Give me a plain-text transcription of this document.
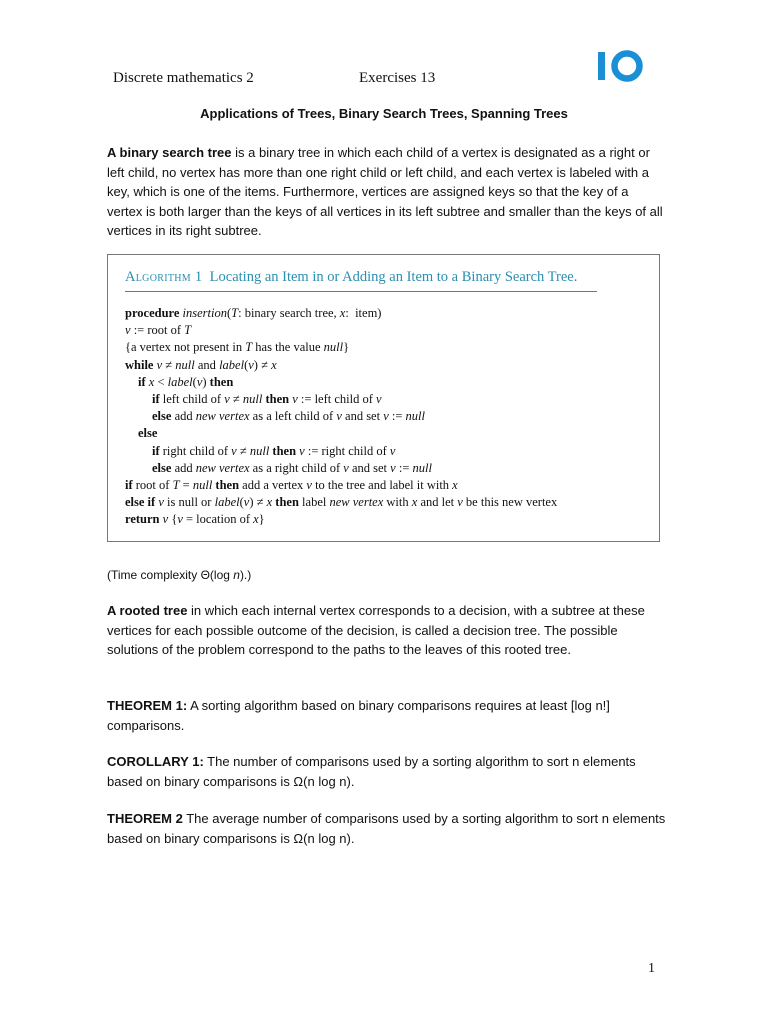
Discrete mathematics 2	Exercises 13
Applications of Trees, Binary Search Trees, Spanning Trees

A binary search tree is a binary tree in which each child of a vertex is designated as a right or left child, no vertex has more than one right child or left child, and each vertex is labeled with a key, which is one of the items. Furthermore, vertices are assigned keys so that the key of a vertex is both larger than the keys of all vertices in its left subtree and smaller than the keys of all vertices in its right subtree.

Algorithm 1 Locating an Item in or Adding an Item to a Binary Search Tree.
procedure insertion(T: binary search tree, x:  item)
v := root of T
{a vertex not present in T has the value null}
while v ≠ null and label(v) ≠ x
if x < label(v) then
if left child of v ≠ null then v := left child of v
else add new vertex as a left child of v and set v := null
else
if right child of v ≠ null then v := right child of v
else add new vertex as a right child of v and set v := null
if root of T = null then add a vertex v to the tree and label it with x
else if v is null or label(v) ≠ x then label new vertex with x and let v be this new vertex
return v {v = location of x}

(Time complexity Θ(log n).)

A rooted tree in which each internal vertex corresponds to a decision, with a subtree at these vertices for each possible outcome of the decision, is called a decision tree. The possible solutions of the problem correspond to the paths to the leaves of this rooted tree.

THEOREM 1: A sorting algorithm based on binary comparisons requires at least [log n!] comparisons.

COROLLARY 1: The number of comparisons used by a sorting algorithm to sort n elements based on binary comparisons is Ω(n log n).

THEOREM 2 The average number of comparisons used by a sorting algorithm to sort n elements based on binary comparisons is Ω(n log n).

1
